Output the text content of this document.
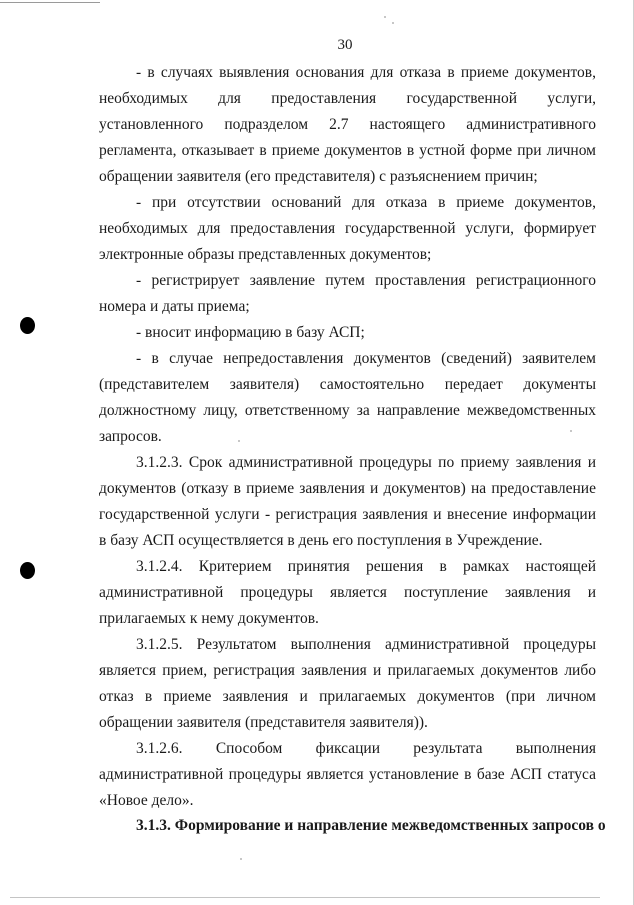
30

- в случаях выявления основания для отказа в приеме документов, необходимых для предоставления государственной услуги, установленного подразделом 2.7 настоящего административного регламента, отказывает в приеме документов в устной форме при личном обращении заявителя (его представителя) с разъяснением причин;

- при отсутствии оснований для отказа в приеме документов, необходимых для предоставления государственной услуги, формирует электронные образы представленных документов;

- регистрирует заявление путем проставления регистрационного номера и даты приема;

- вносит информацию в базу АСП;

- в случае непредоставления документов (сведений) заявителем (представителем заявителя) самостоятельно передает документы должностному лицу, ответственному за направление межведомственных запросов.

3.1.2.3. Срок административной процедуры по приему заявления и документов (отказу в приеме заявления и документов) на предоставление государственной услуги - регистрация заявления и внесение информации в базу АСП осуществляется в день его поступления в Учреждение.

3.1.2.4. Критерием принятия решения в рамках настоящей административной процедуры является поступление заявления и прилагаемых к нему документов.

3.1.2.5. Результатом выполнения административной процедуры является прием, регистрация заявления и прилагаемых документов либо отказ в приеме заявления и прилагаемых документов (при личном обращении заявителя (представителя заявителя)).

3.1.2.6. Способом фиксации результата выполнения административной процедуры является установление в базе АСП статуса «Новое дело».

3.1.3. Формирование и направление межведомственных запросов о
